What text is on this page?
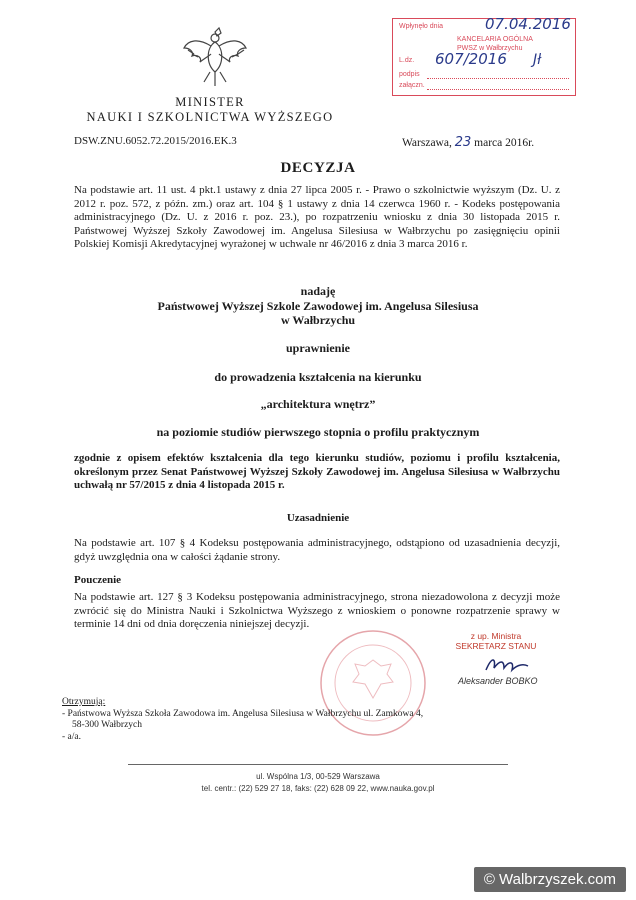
MINISTER
NAUKI I SZKOLNICTWA WYŻSZEGO
DSW.ZNU.6052.72.2015/2016.EK.3	Warszawa, 23 marca 2016r.
Wpłynęło dnia	07.04.2016
KANCELARIA OGÓLNA
PWSZ w Wałbrzychu
L.dz. 607/2016 Jł
podpis
załączn.
DECYZJA
Na podstawie art. 11 ust. 4 pkt.1 ustawy z dnia 27 lipca 2005 r. - Prawo o szkolnictwie wyższym (Dz. U. z 2012 r. poz. 572, z późn. zm.) oraz art. 104 § 1 ustawy z dnia 14 czerwca 1960 r. - Kodeks postępowania administracyjnego (Dz. U. z 2016 r. poz. 23.), po rozpatrzeniu wniosku z dnia 30 listopada 2015 r. Państwowej Wyższej Szkoły Zawodowej im. Angelusa Silesiusa w Wałbrzychu po zasięgnięciu opinii Polskiej Komisji Akredytacyjnej wyrażonej w uchwale nr 46/2016 z dnia 3 marca 2016 r.
nadaję
Państwowej Wyższej Szkole Zawodowej im. Angelusa Silesiusa
w Wałbrzychu
uprawnienie
do prowadzenia kształcenia na kierunku
„architektura wnętrz”
na poziomie studiów pierwszego stopnia o profilu praktycznym
zgodnie z opisem efektów kształcenia dla tego kierunku studiów, poziomu i profilu kształcenia, określonym przez Senat Państwowej Wyższej Szkoły Zawodowej im. Angelusa Silesiusa w Wałbrzychu uchwałą nr 57/2015 z dnia 4 listopada 2015 r.
Uzasadnienie
Na podstawie art. 107 § 4 Kodeksu postępowania administracyjnego, odstąpiono od uzasadnienia decyzji, gdyż uwzględnia ona w całości żądanie strony.
Pouczenie
Na podstawie art. 127 § 3 Kodeksu postępowania administracyjnego, strona niezadowolona z decyzji może zwrócić się do Ministra Nauki i Szkolnictwa Wyższego z wnioskiem o ponowne rozpatrzenie sprawy w terminie 14 dni od dnia doręczenia niniejszej decyzji.
z up. Ministra
SEKRETARZ STANU
Aleksander BOBKO
Otrzymują:
- Państwowa Wyższa Szkoła Zawodowa im. Angelusa Silesiusa w Wałbrzychu ul. Zamkowa 4,
58-300 Wałbrzych
- a/a.
ul. Wspólna 1/3, 00-529 Warszawa
tel. centr.: (22) 529 27 18, faks: (22) 628 09 22, www.nauka.gov.pl
© Walbrzyszek.com
